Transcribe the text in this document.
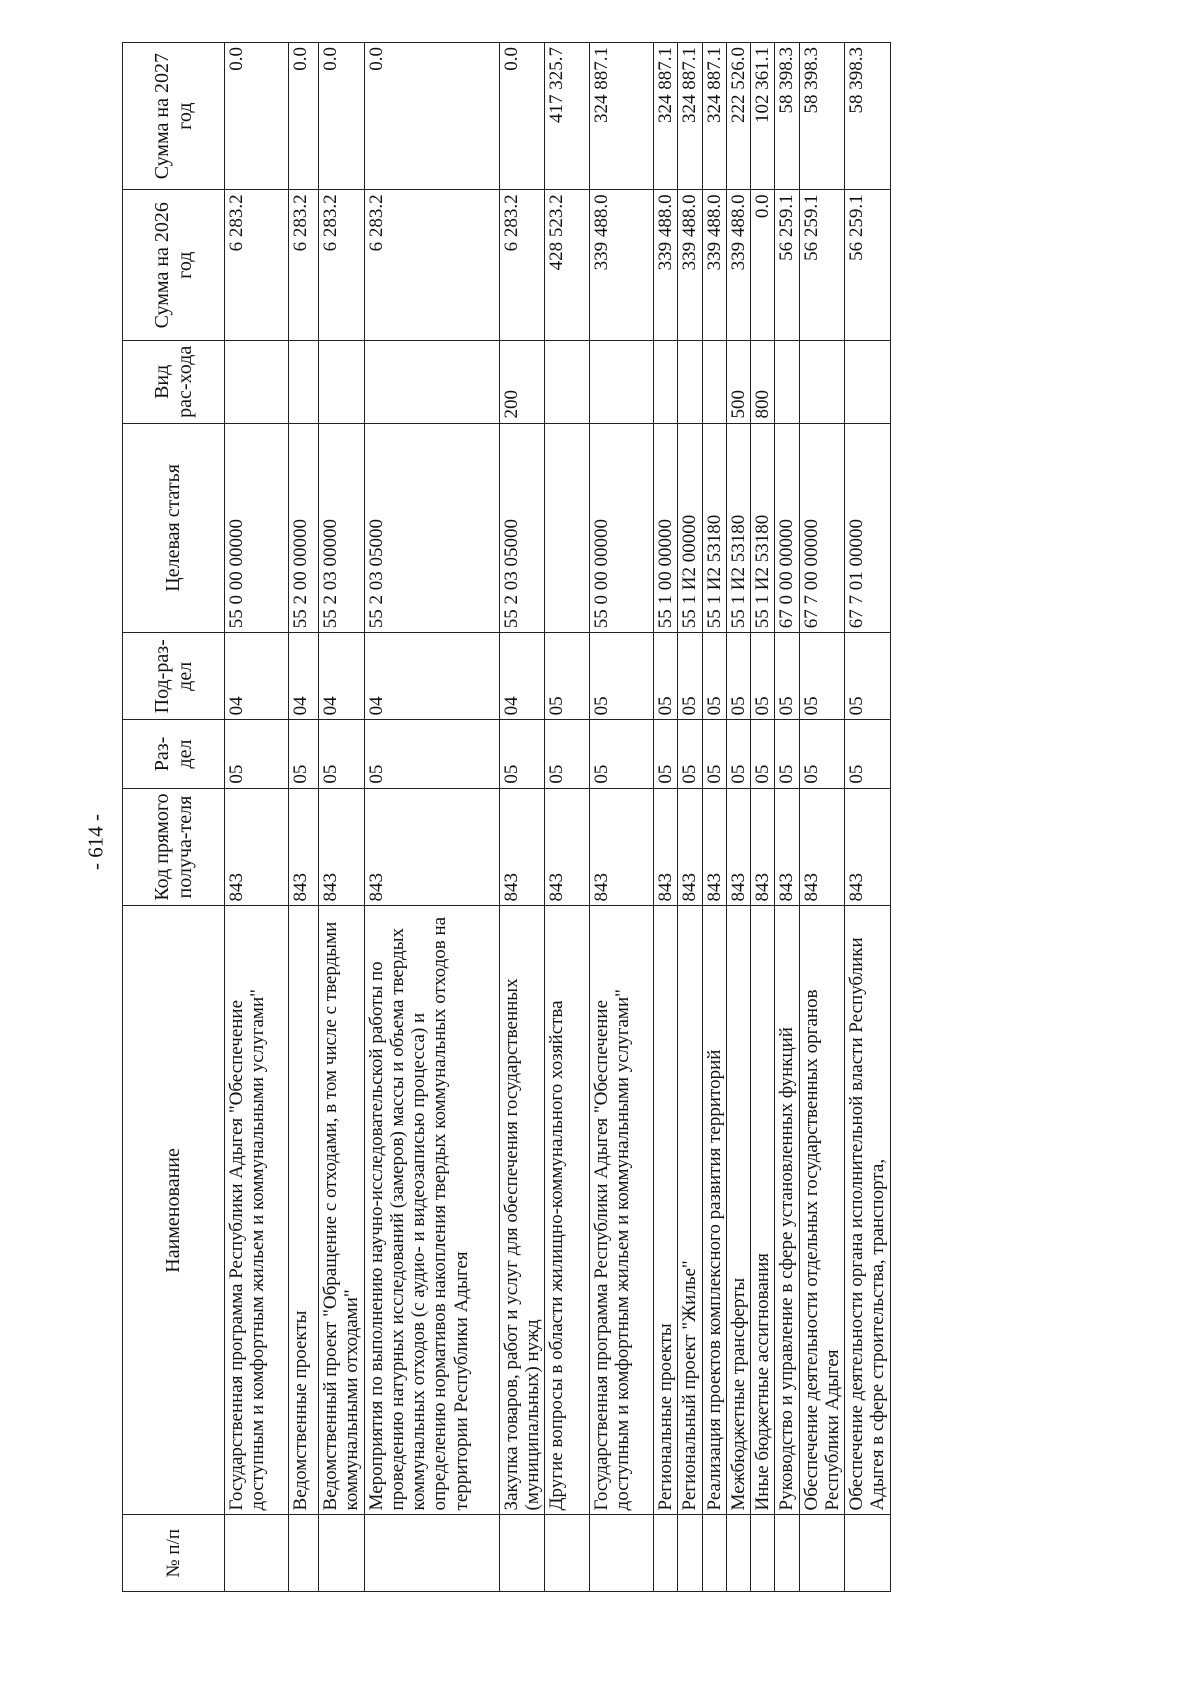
- 614 -
№ п/п	Наименование	Код прямого получа-теля	Раз-дел	Под-раз-дел	Целевая статья	Вид рас-хода	Сумма на 2026 год	Сумма на 2027 год
	Государственная программа Республики Адыгея "Обеспечение доступным и комфортным жильем и коммунальными услугами"	843	05	04	55 0 00 00000		6 283.2	0.0
	Ведомственные проекты	843	05	04	55 2 00 00000		6 283.2	0.0
	Ведомственный проект "Обращение с отходами, в том числе с твердыми коммунальными отходами"	843	05	04	55 2 03 00000		6 283.2	0.0
	Мероприятия по выполнению научно-исследовательской работы по проведению натурных исследований (замеров) массы и объема твердых коммунальных отходов (с аудио- и видеозаписью процесса) и определению нормативов накопления твердых коммунальных отходов на территории Республики Адыгея	843	05	04	55 2 03 05000		6 283.2	0.0
	Закупка товаров, работ и услуг для обеспечения государственных (муниципальных) нужд	843	05	04	55 2 03 05000	200	6 283.2	0.0
	Другие вопросы в области жилищно-коммунального хозяйства	843	05	05			428 523.2	417 325.7
	Государственная программа Республики Адыгея "Обеспечение доступным и комфортным жильем и коммунальными услугами"	843	05	05	55 0 00 00000		339 488.0	324 887.1
	Региональные проекты	843	05	05	55 1 00 00000		339 488.0	324 887.1
	Региональный проект "Жилье"	843	05	05	55 1 И2 00000		339 488.0	324 887.1
	Реализация проектов комплексного развития территорий	843	05	05	55 1 И2 53180		339 488.0	324 887.1
	Межбюджетные трансферты	843	05	05	55 1 И2 53180	500	339 488.0	222 526.0
	Иные бюджетные ассигнования	843	05	05	55 1 И2 53180	800	0.0	102 361.1
	Руководство и управление в сфере установленных функций	843	05	05	67 0 00 00000		56 259.1	58 398.3
	Обеспечение деятельности отдельных государственных органов Республики Адыгея	843	05	05	67 7 00 00000		56 259.1	58 398.3
	Обеспечение деятельности органа исполнительной власти Республики Адыгея в сфере строительства, транспорта,	843	05	05	67 7 01 00000		56 259.1	58 398.3
